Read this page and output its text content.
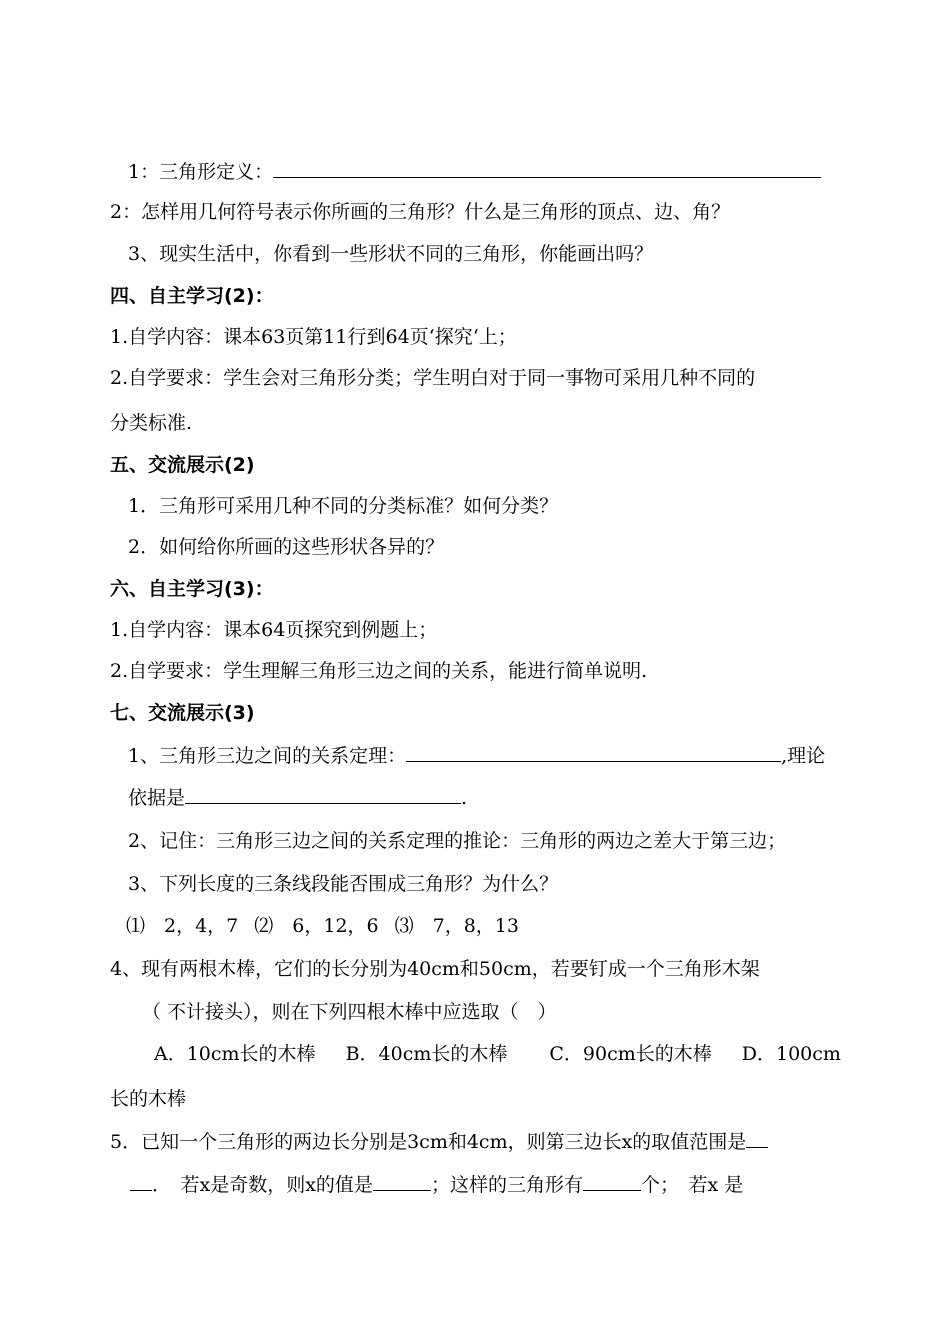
1：三角形定义：
2：怎样用几何符号表示你所画的三角形？什么是三角形的顶点、边、角？
3、现实生活中，你看到一些形状不同的三角形，你能画出吗？
四、自主学习(2)：
1.自学内容：课本63页第11行到64页‘探究‘上；
2.自学要求：学生会对三角形分类；学生明白对于同一事物可采用几种不同的
分类标准.
五、交流展示(2)
1．三角形可采用几种不同的分类标准？如何分类？
2．如何给你所画的这些形状各异的？
六、自主学习(3)：
1.自学内容：课本64页探究到例题上；
2.自学要求：学生理解三角形三边之间的关系，能进行简单说明.
七、交流展示(3)
1、三角形三边之间的关系定理：	,理论
依据是	.
2、记住：三角形三边之间的关系定理的推论：三角形的两边之差大于第三边；
3、下列长度的三条线段能否围成三角形？为什么？
⑴　2，4，7 ⑵　6，12，6 ⑶　7，8，13
4、现有两根木棒，它们的长分别为40cm和50cm，若要钉成一个三角形木架
（ 不计接头），则在下列四根木棒中应选取（　）
A．10cm长的木棒 B．40cm长的木棒 C．90cm长的木棒 D．100cm
长的木棒
5．已知一个三角形的两边长分别是3cm和4cm，则第三边长x的取值范围是
．　若x是奇数，则x的值是	；这样的三角形有	个；　若x 是
